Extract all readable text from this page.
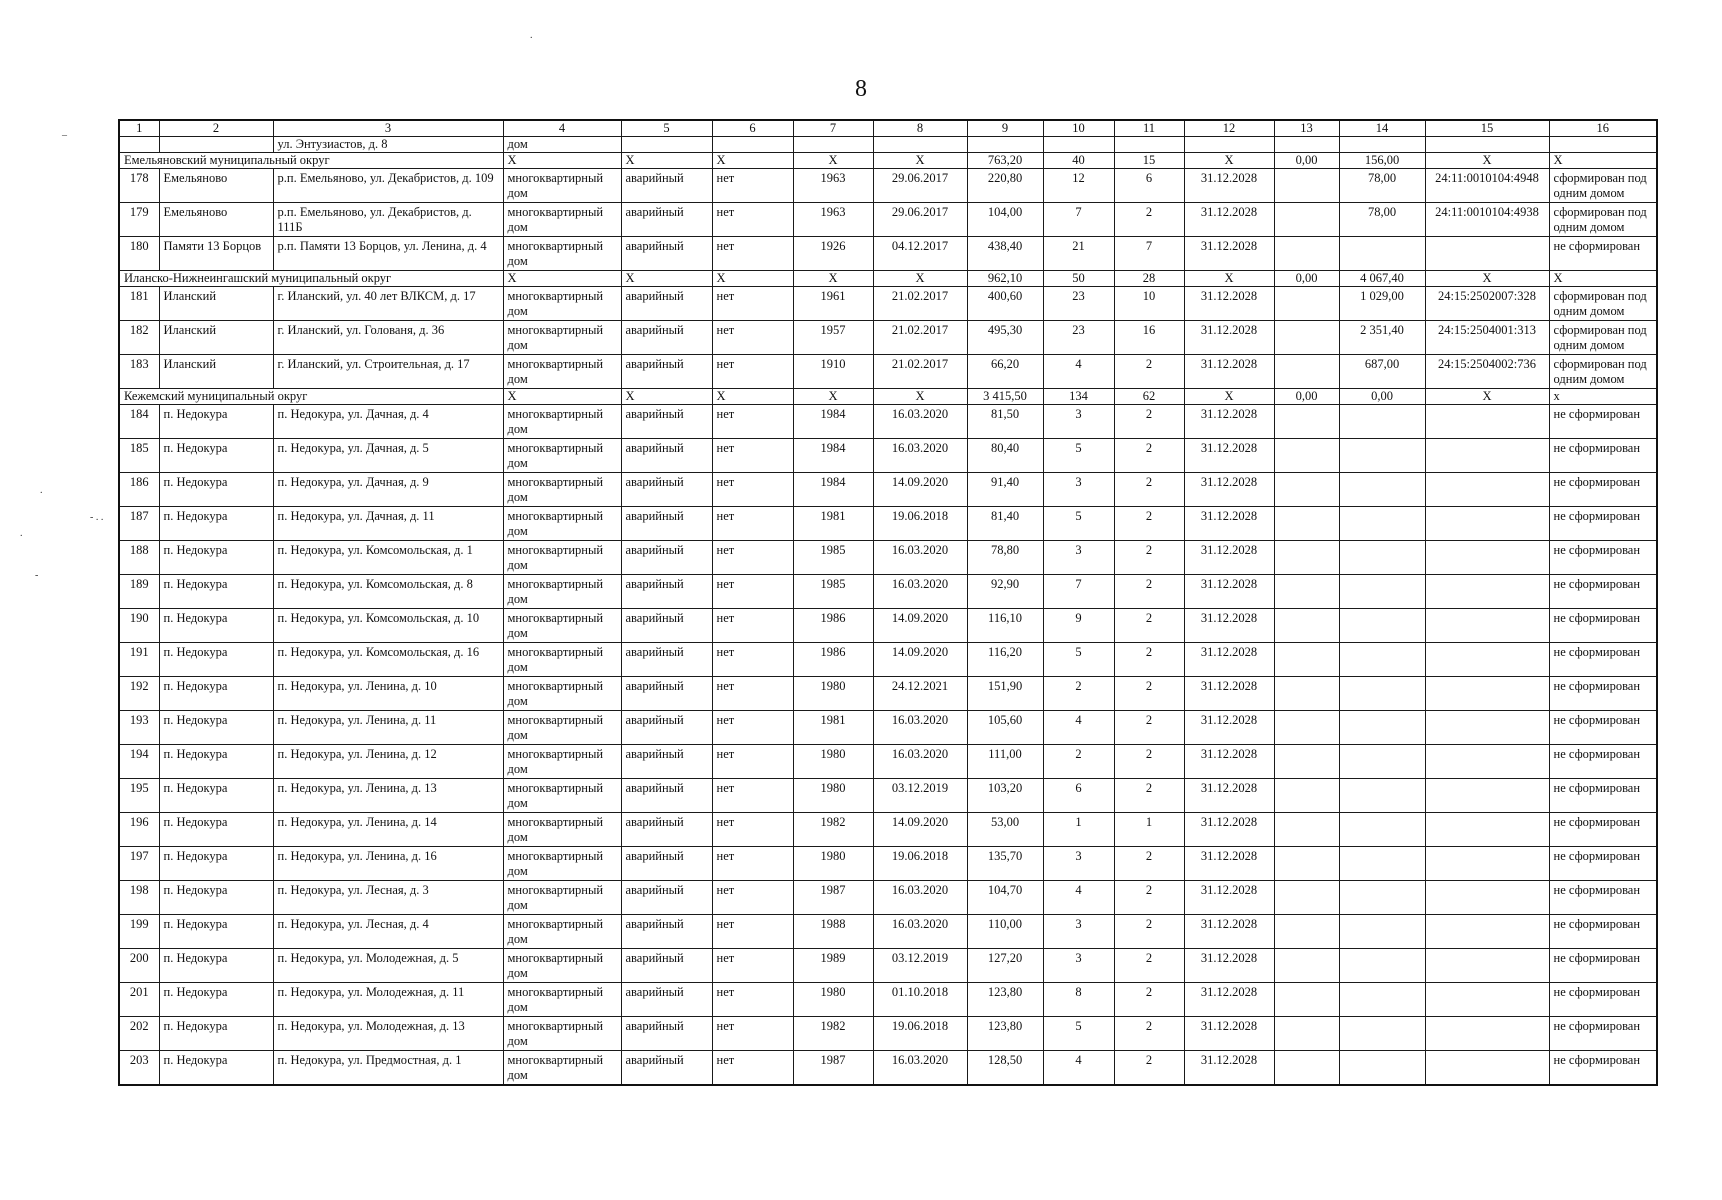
8
–
.
- . .
.
-
.
1	2	3	4	5	6	7	8	9	10	11	12	13	14	15	16
		ул. Энтузиастов, д. 8	дом												
Емельяновский муниципальный округ			X	X	X	X	X	763,20	40	15	X	0,00	156,00	X	X
178	Емельяново	р.п. Емельяново, ул. Декабристов, д. 109	многоквартирный дом	аварийный	нет	1963	29.06.2017	220,80	12	6	31.12.2028		78,00	24:11:0010104:4948	сформирован под одним домом
179	Емельяново	р.п. Емельяново, ул. Декабристов, д. 111Б	многоквартирный дом	аварийный	нет	1963	29.06.2017	104,00	7	2	31.12.2028		78,00	24:11:0010104:4938	сформирован под одним домом
180	Памяти 13 Борцов	р.п. Памяти 13 Борцов, ул. Ленина, д. 4	многоквартирный дом	аварийный	нет	1926	04.12.2017	438,40	21	7	31.12.2028				не сформирован
Иланско-Нижнеингашский муниципальный округ			X	X	X	X	X	962,10	50	28	X	0,00	4 067,40	X	X
181	Иланский	г. Иланский, ул. 40 лет ВЛКСМ, д. 17	многоквартирный дом	аварийный	нет	1961	21.02.2017	400,60	23	10	31.12.2028		1 029,00	24:15:2502007:328	сформирован под одним домом
182	Иланский	г. Иланский, ул. Голованя, д. 36	многоквартирный дом	аварийный	нет	1957	21.02.2017	495,30	23	16	31.12.2028		2 351,40	24:15:2504001:313	сформирован под одним домом
183	Иланский	г. Иланский, ул. Строительная, д. 17	многоквартирный дом	аварийный	нет	1910	21.02.2017	66,20	4	2	31.12.2028		687,00	24:15:2504002:736	сформирован под одним домом
Кежемский муниципальный округ			X	X	X	X	X	3 415,50	134	62	X	0,00	0,00	X	x
184	п. Недокура	п. Недокура, ул. Дачная, д. 4	многоквартирный дом	аварийный	нет	1984	16.03.2020	81,50	3	2	31.12.2028				не сформирован
185	п. Недокура	п. Недокура, ул. Дачная, д. 5	многоквартирный дом	аварийный	нет	1984	16.03.2020	80,40	5	2	31.12.2028				не сформирован
186	п. Недокура	п. Недокура, ул. Дачная, д. 9	многоквартирный дом	аварийный	нет	1984	14.09.2020	91,40	3	2	31.12.2028				не сформирован
187	п. Недокура	п. Недокура, ул. Дачная, д. 11	многоквартирный дом	аварийный	нет	1981	19.06.2018	81,40	5	2	31.12.2028				не сформирован
188	п. Недокура	п. Недокура, ул. Комсомольская, д. 1	многоквартирный дом	аварийный	нет	1985	16.03.2020	78,80	3	2	31.12.2028				не сформирован
189	п. Недокура	п. Недокура, ул. Комсомольская, д. 8	многоквартирный дом	аварийный	нет	1985	16.03.2020	92,90	7	2	31.12.2028				не сформирован
190	п. Недокура	п. Недокура, ул. Комсомольская, д. 10	многоквартирный дом	аварийный	нет	1986	14.09.2020	116,10	9	2	31.12.2028				не сформирован
191	п. Недокура	п. Недокура, ул. Комсомольская, д. 16	многоквартирный дом	аварийный	нет	1986	14.09.2020	116,20	5	2	31.12.2028				не сформирован
192	п. Недокура	п. Недокура, ул. Ленина, д. 10	многоквартирный дом	аварийный	нет	1980	24.12.2021	151,90	2	2	31.12.2028				не сформирован
193	п. Недокура	п. Недокура, ул. Ленина, д. 11	многоквартирный дом	аварийный	нет	1981	16.03.2020	105,60	4	2	31.12.2028				не сформирован
194	п. Недокура	п. Недокура, ул. Ленина, д. 12	многоквартирный дом	аварийный	нет	1980	16.03.2020	111,00	2	2	31.12.2028				не сформирован
195	п. Недокура	п. Недокура, ул. Ленина, д. 13	многоквартирный дом	аварийный	нет	1980	03.12.2019	103,20	6	2	31.12.2028				не сформирован
196	п. Недокура	п. Недокура, ул. Ленина, д. 14	многоквартирный дом	аварийный	нет	1982	14.09.2020	53,00	1	1	31.12.2028				не сформирован
197	п. Недокура	п. Недокура, ул. Ленина, д. 16	многоквартирный дом	аварийный	нет	1980	19.06.2018	135,70	3	2	31.12.2028				не сформирован
198	п. Недокура	п. Недокура, ул. Лесная, д. 3	многоквартирный дом	аварийный	нет	1987	16.03.2020	104,70	4	2	31.12.2028				не сформирован
199	п. Недокура	п. Недокура, ул. Лесная, д. 4	многоквартирный дом	аварийный	нет	1988	16.03.2020	110,00	3	2	31.12.2028				не сформирован
200	п. Недокура	п. Недокура, ул. Молодежная, д. 5	многоквартирный дом	аварийный	нет	1989	03.12.2019	127,20	3	2	31.12.2028				не сформирован
201	п. Недокура	п. Недокура, ул. Молодежная, д. 11	многоквартирный дом	аварийный	нет	1980	01.10.2018	123,80	8	2	31.12.2028				не сформирован
202	п. Недокура	п. Недокура, ул. Молодежная, д. 13	многоквартирный дом	аварийный	нет	1982	19.06.2018	123,80	5	2	31.12.2028				не сформирован
203	п. Недокура	п. Недокура, ул. Предмостная, д. 1	многоквартирный дом	аварийный	нет	1987	16.03.2020	128,50	4	2	31.12.2028				не сформирован
